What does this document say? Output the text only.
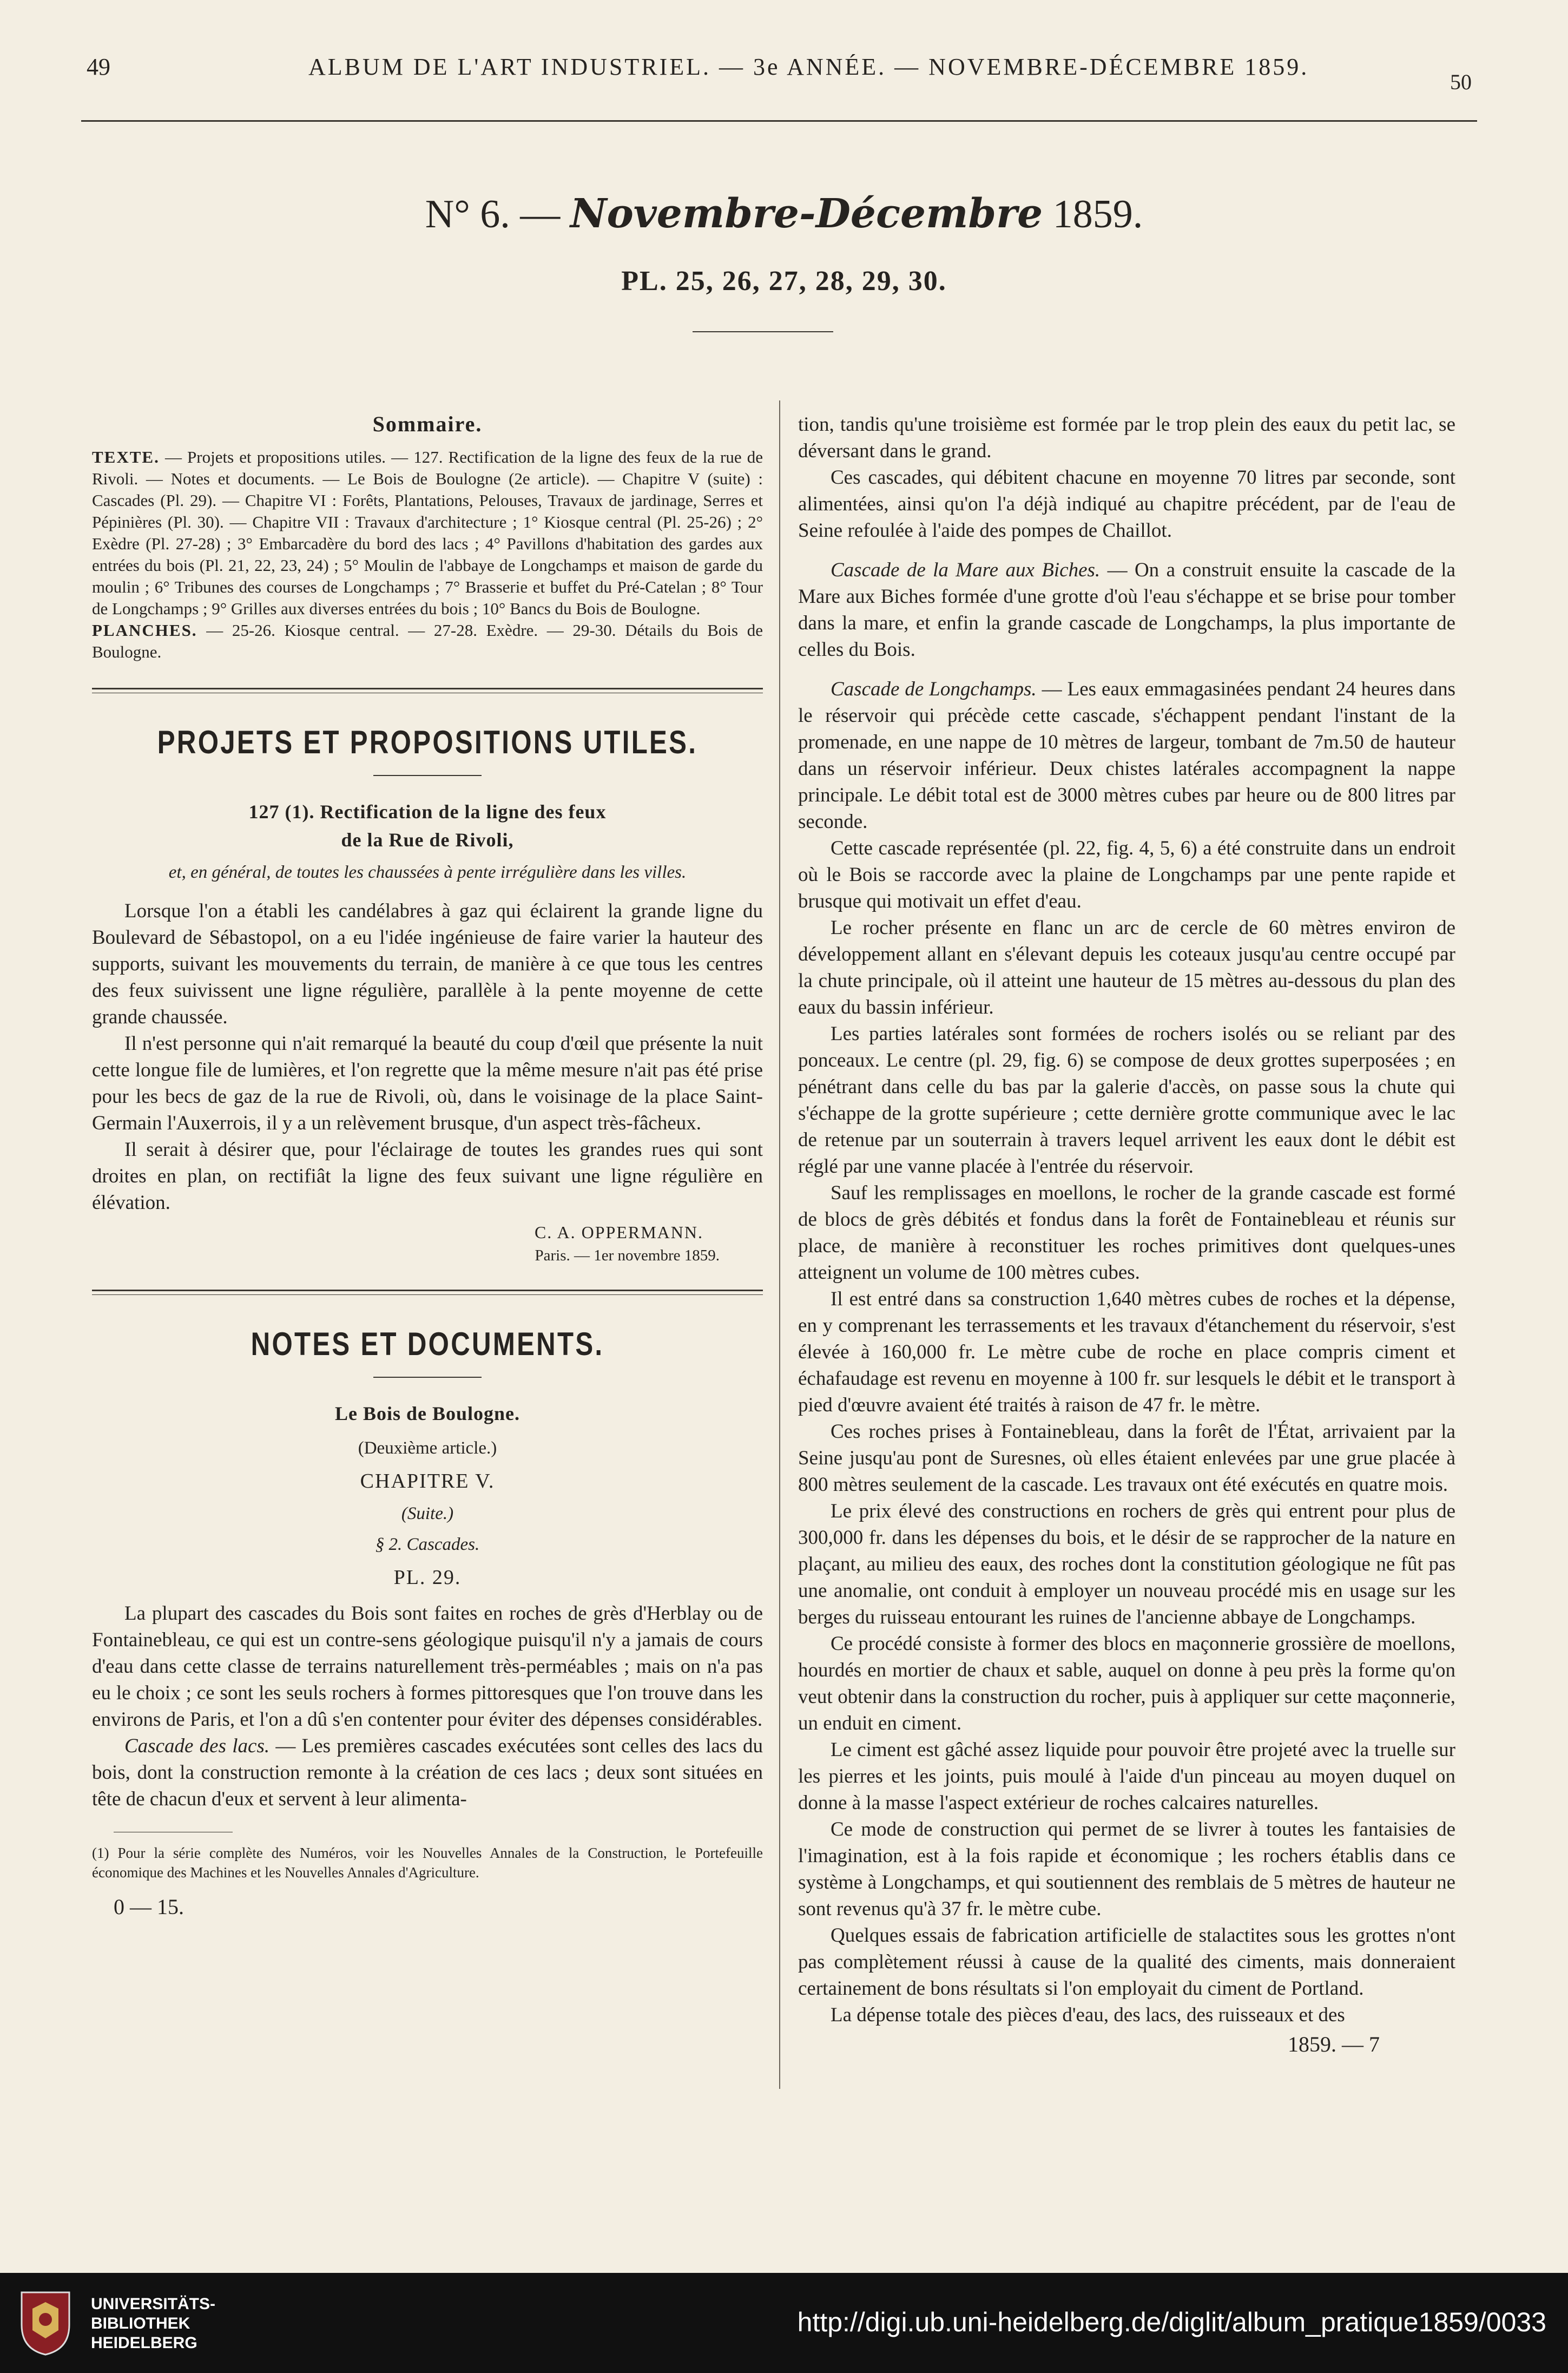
49	ALBUM DE L'ART INDUSTRIEL. — 3e ANNÉE. — NOVEMBRE-DÉCEMBRE 1859.
50
N° 6. — Novembre-Décembre 1859.
PL. 25, 26, 27, 28, 29, 30.
Sommaire.
TEXTE. — Projets et propositions utiles. — 127. Rectification de la ligne des feux de la rue de Rivoli. — Notes et documents. — Le Bois de Boulogne (2e article). — Chapitre V (suite) : Cascades (Pl. 29). — Chapitre VI : Forêts, Plantations, Pelouses, Travaux de jardinage, Serres et Pépinières (Pl. 30). — Chapitre VII : Travaux d'architecture ; 1° Kiosque central (Pl. 25-26) ; 2° Exèdre (Pl. 27-28) ; 3° Embarcadère du bord des lacs ; 4° Pavillons d'habitation des gardes aux entrées du bois (Pl. 21, 22, 23, 24) ; 5° Moulin de l'abbaye de Longchamps et maison de garde du moulin ; 6° Tribunes des courses de Longchamps ; 7° Brasserie et buffet du Pré-Catelan ; 8° Tour de Longchamps ; 9° Grilles aux diverses entrées du bois ; 10° Bancs du Bois de Boulogne.
PLANCHES. — 25-26. Kiosque central. — 27-28. Exèdre. — 29-30. Détails du Bois de Boulogne.
PROJETS ET PROPOSITIONS UTILES.
127 (1). Rectification de la ligne des feux
de la Rue de Rivoli,
et, en général, de toutes les chaussées à pente irrégulière dans les villes.

Lorsque l'on a établi les candélabres à gaz qui éclairent la grande ligne du Boulevard de Sébastopol, on a eu l'idée ingénieuse de faire varier la hauteur des supports, suivant les mouvements du terrain, de manière à ce que tous les centres des feux suivissent une ligne régulière, parallèle à la pente moyenne de cette grande chaussée.

Il n'est personne qui n'ait remarqué la beauté du coup d'œil que présente la nuit cette longue file de lumières, et l'on regrette que la même mesure n'ait pas été prise pour les becs de gaz de la rue de Rivoli, où, dans le voisinage de la place Saint-Germain l'Auxerrois, il y a un relèvement brusque, d'un aspect très-fâcheux.

Il serait à désirer que, pour l'éclairage de toutes les grandes rues qui sont droites en plan, on rectifiât la ligne des feux suivant une ligne régulière en élévation.

C. A. OPPERMANN.
Paris. — 1er novembre 1859.
NOTES ET DOCUMENTS.
Le Bois de Boulogne.
(Deuxième article.)
CHAPITRE V.
(Suite.)
§ 2. Cascades.
PL. 29.

La plupart des cascades du Bois sont faites en roches de grès d'Herblay ou de Fontainebleau, ce qui est un contre-sens géologique puisqu'il n'y a jamais de cours d'eau dans cette classe de terrains naturellement très-perméables ; mais on n'a pas eu le choix ; ce sont les seuls rochers à formes pittoresques que l'on trouve dans les environs de Paris, et l'on a dû s'en contenter pour éviter des dépenses considérables.

Cascade des lacs. — Les premières cascades exécutées sont celles des lacs du bois, dont la construction remonte à la création de ces lacs ; deux sont situées en tête de chacun d'eux et servent à leur alimenta-

(1) Pour la série complète des Numéros, voir les Nouvelles Annales de la Construction, le Portefeuille économique des Machines et les Nouvelles Annales d'Agriculture.
0 — 15.

tion, tandis qu'une troisième est formée par le trop plein des eaux du petit lac, se déversant dans le grand.

Ces cascades, qui débitent chacune en moyenne 70 litres par seconde, sont alimentées, ainsi qu'on l'a déjà indiqué au chapitre précédent, par de l'eau de Seine refoulée à l'aide des pompes de Chaillot.

Cascade de la Mare aux Biches. — On a construit ensuite la cascade de la Mare aux Biches formée d'une grotte d'où l'eau s'échappe et se brise pour tomber dans la mare, et enfin la grande cascade de Longchamps, la plus importante de celles du Bois.

Cascade de Longchamps. — Les eaux emmagasinées pendant 24 heures dans le réservoir qui précède cette cascade, s'échappent pendant l'instant de la promenade, en une nappe de 10 mètres de largeur, tombant de 7m.50 de hauteur dans un réservoir inférieur. Deux chistes latérales accompagnent la nappe principale. Le débit total est de 3000 mètres cubes par heure ou de 800 litres par seconde.

Cette cascade représentée (pl. 22, fig. 4, 5, 6) a été construite dans un endroit où le Bois se raccorde avec la plaine de Longchamps par une pente rapide et brusque qui motivait un effet d'eau.

Le rocher présente en flanc un arc de cercle de 60 mètres environ de développement allant en s'élevant depuis les coteaux jusqu'au centre occupé par la chute principale, où il atteint une hauteur de 15 mètres au-dessous du plan des eaux du bassin inférieur.

Les parties latérales sont formées de rochers isolés ou se reliant par des ponceaux. Le centre (pl. 29, fig. 6) se compose de deux grottes superposées ; en pénétrant dans celle du bas par la galerie d'accès, on passe sous la chute qui s'échappe de la grotte supérieure ; cette dernière grotte communique avec le lac de retenue par un souterrain à travers lequel arrivent les eaux dont le débit est réglé par une vanne placée à l'entrée du réservoir.

Sauf les remplissages en moellons, le rocher de la grande cascade est formé de blocs de grès débités et fondus dans la forêt de Fontainebleau et réunis sur place, de manière à reconstituer les roches primitives dont quelques-unes atteignent un volume de 100 mètres cubes.

Il est entré dans sa construction 1,640 mètres cubes de roches et la dépense, en y comprenant les terrassements et les travaux d'étanchement du réservoir, s'est élevée à 160,000 fr. Le mètre cube de roche en place compris ciment et échafaudage est revenu en moyenne à 100 fr. sur lesquels le débit et le transport à pied d'œuvre avaient été traités à raison de 47 fr. le mètre.

Ces roches prises à Fontainebleau, dans la forêt de l'État, arrivaient par la Seine jusqu'au pont de Suresnes, où elles étaient enlevées par une grue placée à 800 mètres seulement de la cascade. Les travaux ont été exécutés en quatre mois.

Le prix élevé des constructions en rochers de grès qui entrent pour plus de 300,000 fr. dans les dépenses du bois, et le désir de se rapprocher de la nature en plaçant, au milieu des eaux, des roches dont la constitution géologique ne fût pas une anomalie, ont conduit à employer un nouveau procédé mis en usage sur les berges du ruisseau entourant les ruines de l'ancienne abbaye de Longchamps.

Ce procédé consiste à former des blocs en maçonnerie grossière de moellons, hourdés en mortier de chaux et sable, auquel on donne à peu près la forme qu'on veut obtenir dans la construction du rocher, puis à appliquer sur cette maçonnerie, un enduit en ciment.

Le ciment est gâché assez liquide pour pouvoir être projeté avec la truelle sur les pierres et les joints, puis moulé à l'aide d'un pinceau au moyen duquel on donne à la masse l'aspect extérieur de roches calcaires naturelles.

Ce mode de construction qui permet de se livrer à toutes les fantaisies de l'imagination, est à la fois rapide et économique ; les rochers établis dans ce système à Longchamps, et qui soutiennent des remblais de 5 mètres de hauteur ne sont revenus qu'à 37 fr. le mètre cube.

Quelques essais de fabrication artificielle de stalactites sous les grottes n'ont pas complètement réussi à cause de la qualité des ciments, mais donneraient certainement de bons résultats si l'on employait du ciment de Portland.

La dépense totale des pièces d'eau, des lacs, des ruisseaux et des

1859. — 7
UNIVERSITÄTS-
BIBLIOTHEK
HEIDELBERG
http://digi.ub.uni-heidelberg.de/diglit/album_pratique1859/0033
